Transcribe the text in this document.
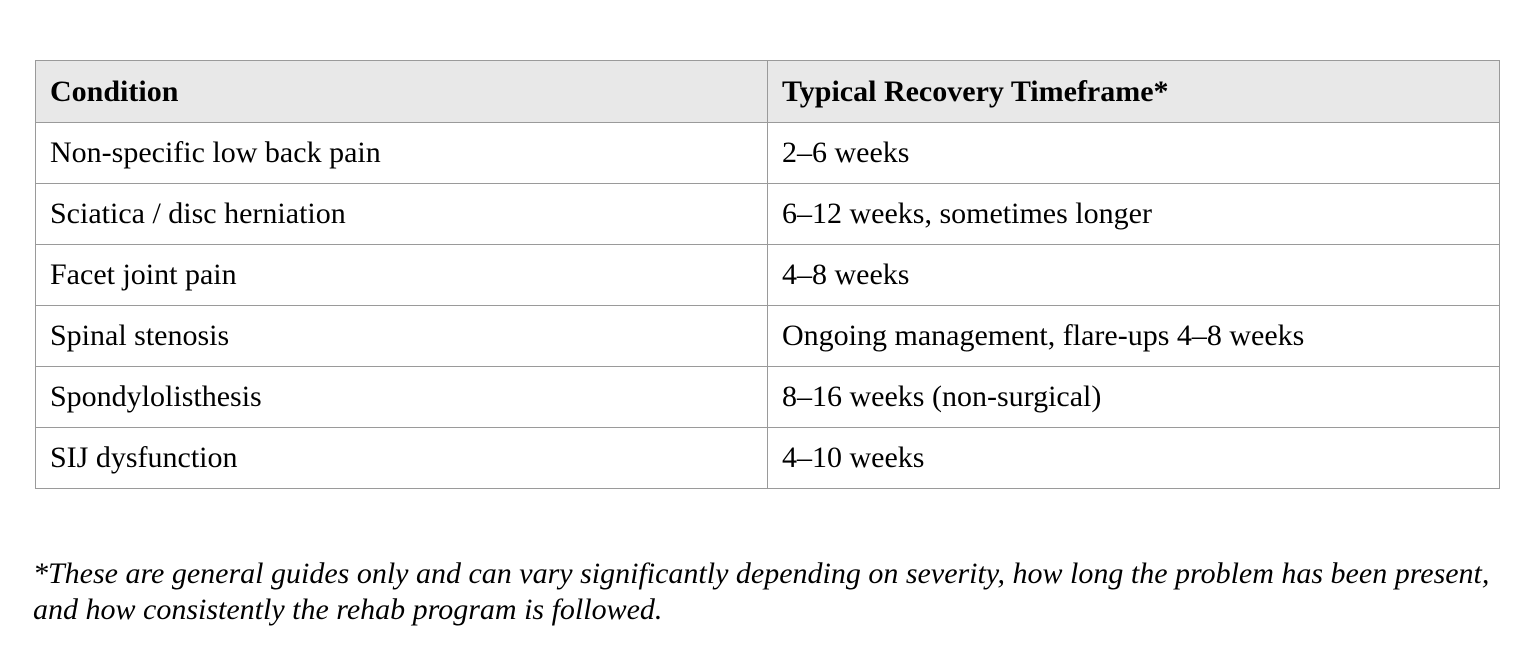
Condition	Typical Recovery Timeframe*
Non-specific low back pain	2–6 weeks
Sciatica / disc herniation	6–12 weeks, sometimes longer
Facet joint pain	4–8 weeks
Spinal stenosis	Ongoing management, flare-ups 4–8 weeks
Spondylolisthesis	8–16 weeks (non-surgical)
SIJ dysfunction	4–10 weeks

*These are general guides only and can vary significantly depending on severity, how long the problem has been present, and how consistently the rehab program is followed.
